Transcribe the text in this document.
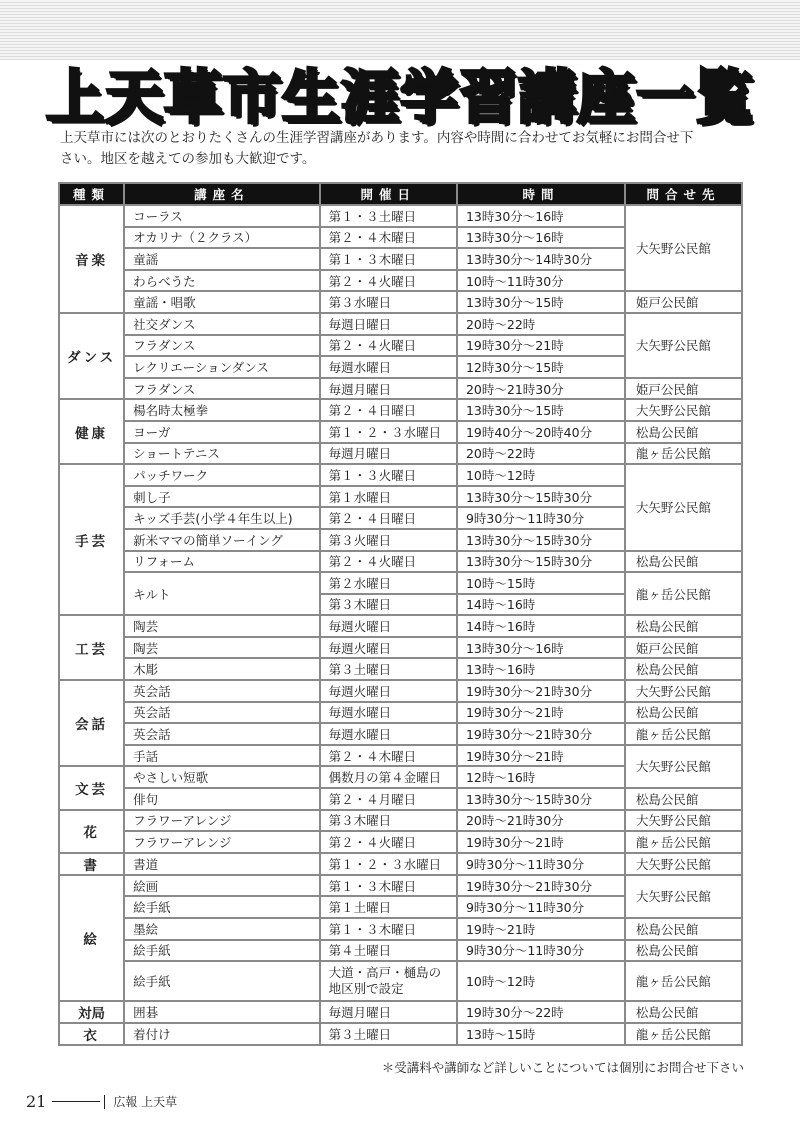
上天草市生涯学習講座一覧

上天草市には次のとおりたくさんの生涯学習講座があります。内容や時間に合わせてお気軽にお問合せ下

さい。地区を越えての参加も大歓迎です。

種類	講座名	開催日	時間	問合せ先
音楽	コーラス	第１・３土曜日	13時30分～16時	大矢野公民館
	オカリナ（２クラス）	第２・４木曜日	13時30分～16時	
	童謡	第１・３木曜日	13時30分～14時30分	
	わらべうた	第２・４火曜日	10時～11時30分	
	童謡・唱歌	第３水曜日	13時30分～15時	姫戸公民館
ダンス	社交ダンス	毎週日曜日	20時～22時	大矢野公民館
	フラダンス	第２・４火曜日	19時30分～21時	
	レクリエーションダンス	毎週水曜日	12時30分～15時	
	フラダンス	毎週月曜日	20時～21時30分	姫戸公民館
健康	楊名時太極拳	第２・４日曜日	13時30分～15時	大矢野公民館
	ヨーガ	第１・２・３水曜日	19時40分～20時40分	松島公民館
	ショートテニス	毎週月曜日	20時～22時	龍ヶ岳公民館
手芸	パッチワーク	第１・３火曜日	10時～12時	大矢野公民館
	刺し子	第１水曜日	13時30分～15時30分	
	キッズ手芸(小学４年生以上)	第２・４日曜日	9時30分～11時30分	
	新米ママの簡単ソーイング	第３火曜日	13時30分～15時30分	
	リフォーム	第２・４火曜日	13時30分～15時30分	松島公民館
	キルト	第２水曜日	10時～15時	龍ヶ岳公民館
		第３木曜日	14時～16時	
工芸	陶芸	毎週火曜日	14時～16時	松島公民館
	陶芸	毎週火曜日	13時30分～16時	姫戸公民館
	木彫	第３土曜日	13時～16時	松島公民館
会話	英会話	毎週火曜日	19時30分～21時30分	大矢野公民館
	英会話	毎週水曜日	19時30分～21時	松島公民館
	英会話	毎週水曜日	19時30分～21時30分	龍ヶ岳公民館
	手話	第２・４木曜日	19時30分～21時	大矢野公民館
文芸	やさしい短歌	偶数月の第４金曜日	12時～16時	
	俳句	第２・４月曜日	13時30分～15時30分	松島公民館
花	フラワーアレンジ	第３木曜日	20時～21時30分	大矢野公民館
	フラワーアレンジ	第２・４火曜日	19時30分～21時	龍ヶ岳公民館
書	書道	第１・２・３水曜日	9時30分～11時30分	大矢野公民館
絵	絵画	第１・３木曜日	19時30分～21時30分	大矢野公民館
	絵手紙	第１土曜日	9時30分～11時30分	
	墨絵	第１・３木曜日	19時～21時	松島公民館
	絵手紙	第４土曜日	9時30分～11時30分	松島公民館
	絵手紙	大道・高戸・樋島の地区別で設定	10時～12時	龍ヶ岳公民館
対局	囲碁	毎週月曜日	19時30分～22時	松島公民館
衣	着付け	第３土曜日	13時～15時	龍ヶ岳公民館
＊受講料や講師など詳しいことについては個別にお問合せ下さい
21	広報 上天草
